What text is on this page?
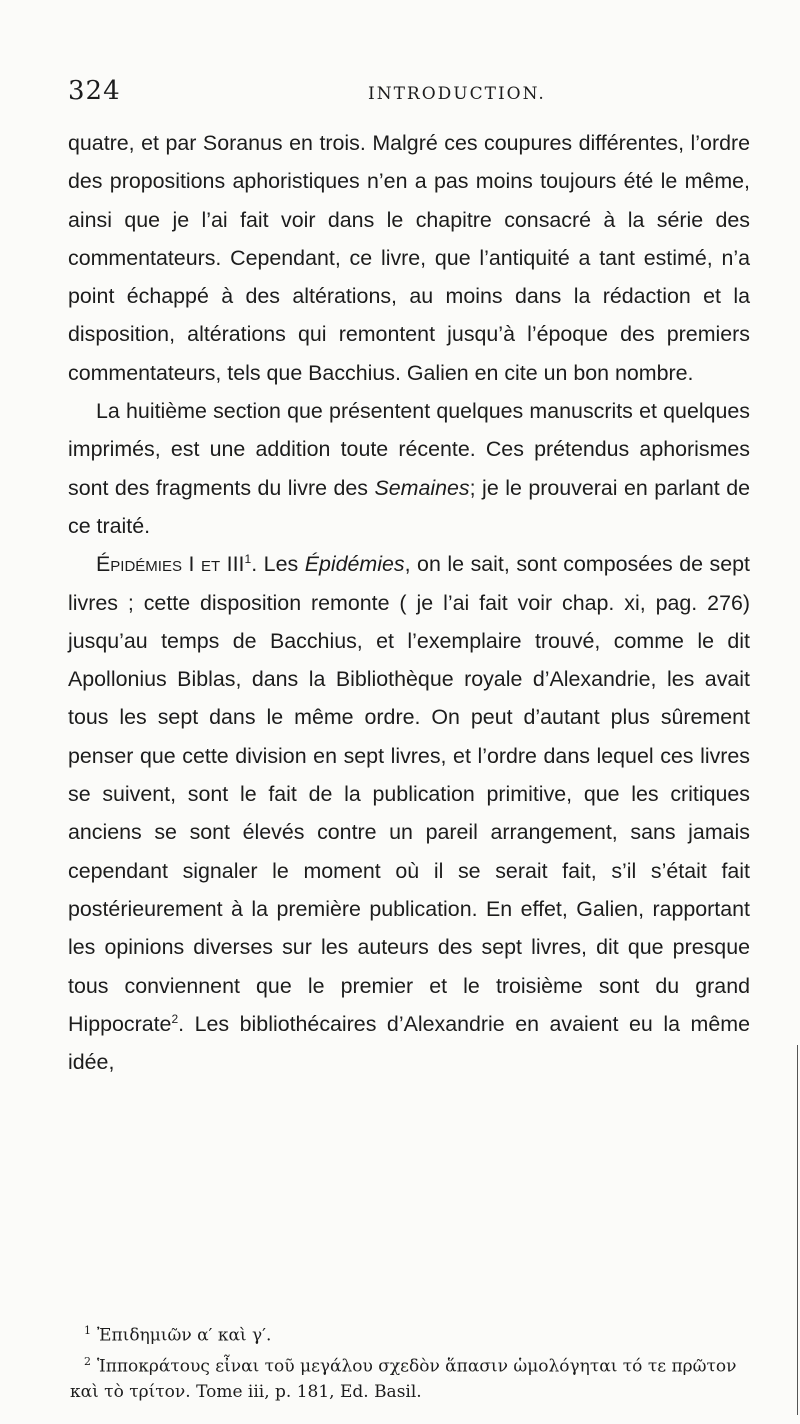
324	INTRODUCTION.

quatre, et par Soranus en trois. Malgré ces coupures différentes, l’ordre des propositions aphoristiques n’en a pas moins toujours été le même, ainsi que je l’ai fait voir dans le chapitre consacré à la série des commentateurs. Cependant, ce livre, que l’antiquité a tant estimé, n’a point échappé à des altérations, au moins dans la rédaction et la disposition, altérations qui remontent jusqu’à l’époque des premiers commentateurs, tels que Bacchius. Galien en cite un bon nombre.

La huitième section que présentent quelques manuscrits et quelques imprimés, est une addition toute récente. Ces prétendus aphorismes sont des fragments du livre des Semaines; je le prouverai en parlant de ce traité.

Épidémies I et III$^1$. Les Épidémies, on le sait, sont composées de sept livres ; cette disposition remonte ( je l’ai fait voir chap. xi, pag. 276) jusqu’au temps de Bacchius, et l’exemplaire trouvé, comme le dit Apollonius Biblas, dans la Bibliothèque royale d’Alexandrie, les avait tous les sept dans le même ordre. On peut d’autant plus sûrement penser que cette division en sept livres, et l’ordre dans lequel ces livres se suivent, sont le fait de la publication primitive, que les critiques anciens se sont élevés contre un pareil arrangement, sans jamais cependant signaler le moment où il se serait fait, s’il s’était fait postérieurement à la première publication. En effet, Galien, rapportant les opinions diverses sur les auteurs des sept livres, dit que presque tous conviennent que le premier et le troisième sont du grand Hippocrate$^2$. Les bibliothécaires d’Alexandrie en avaient eu la même idée,

$^1$ Ἐπιδημιῶν α′ καὶ γ′.

$^2$ Ἱπποκράτους εἶναι τοῦ μεγάλου σχεδὸν ἅπασιν ὡμολόγηται τό τε πρῶτον καὶ τὸ τρίτον. Tome iii, p. 181, Ed. Basil.
